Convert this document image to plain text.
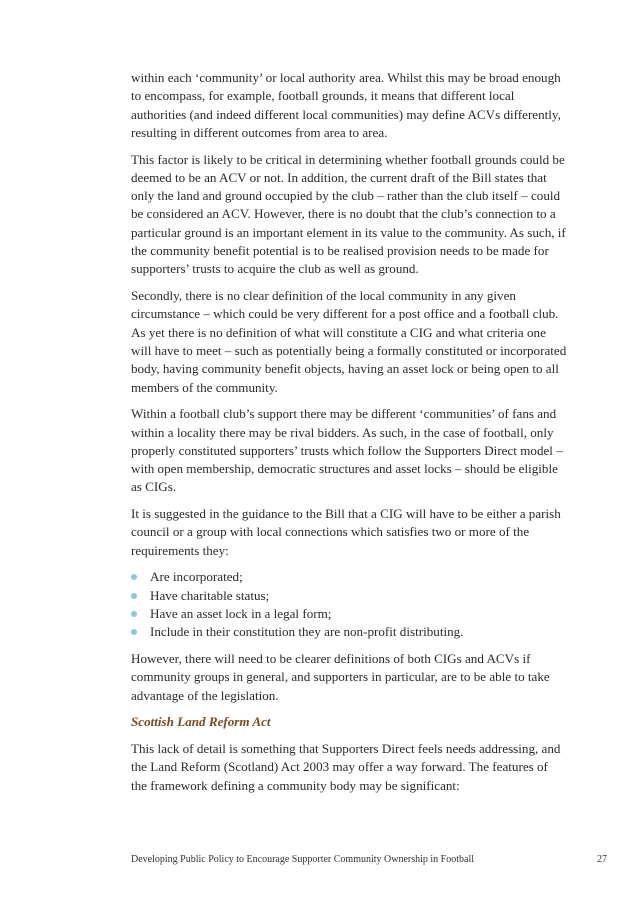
within each ‘community’ or local authority area. Whilst this may be broad enough to encompass, for example, football grounds, it means that different local authorities (and indeed different local communities) may define ACVs differently, resulting in different outcomes from area to area.

This factor is likely to be critical in determining whether football grounds could be deemed to be an ACV or not. In addition, the current draft of the Bill states that only the land and ground occupied by the club – rather than the club itself – could be considered an ACV. However, there is no doubt that the club’s connection to a particular ground is an important element in its value to the community. As such, if the community benefit potential is to be realised provision needs to be made for supporters’ trusts to acquire the club as well as ground.

Secondly, there is no clear definition of the local community in any given circumstance – which could be very different for a post office and a football club. As yet there is no definition of what will constitute a CIG and what criteria one will have to meet – such as potentially being a formally constituted or incorporated body, having community benefit objects, having an asset lock or being open to all members of the community.

Within a football club’s support there may be different ‘communities’ of fans and within a locality there may be rival bidders. As such, in the case of football, only properly constituted supporters’ trusts which follow the Supporters Direct model – with open membership, democratic structures and asset locks – should be eligible as CIGs.

It is suggested in the guidance to the Bill that a CIG will have to be either a parish council or a group with local connections which satisfies two or more of the requirements they:

Are incorporated;
Have charitable status;
Have an asset lock in a legal form;
Include in their constitution they are non-profit distributing.

However, there will need to be clearer definitions of both CIGs and ACVs if community groups in general, and supporters in particular, are to be able to take advantage of the legislation.

Scottish Land Reform Act

This lack of detail is something that Supporters Direct feels needs addressing, and the Land Reform (Scotland) Act 2003 may offer a way forward. The features of the framework defining a community body may be significant:

Developing Public Policy to Encourage Supporter Community Ownership in Football	27
